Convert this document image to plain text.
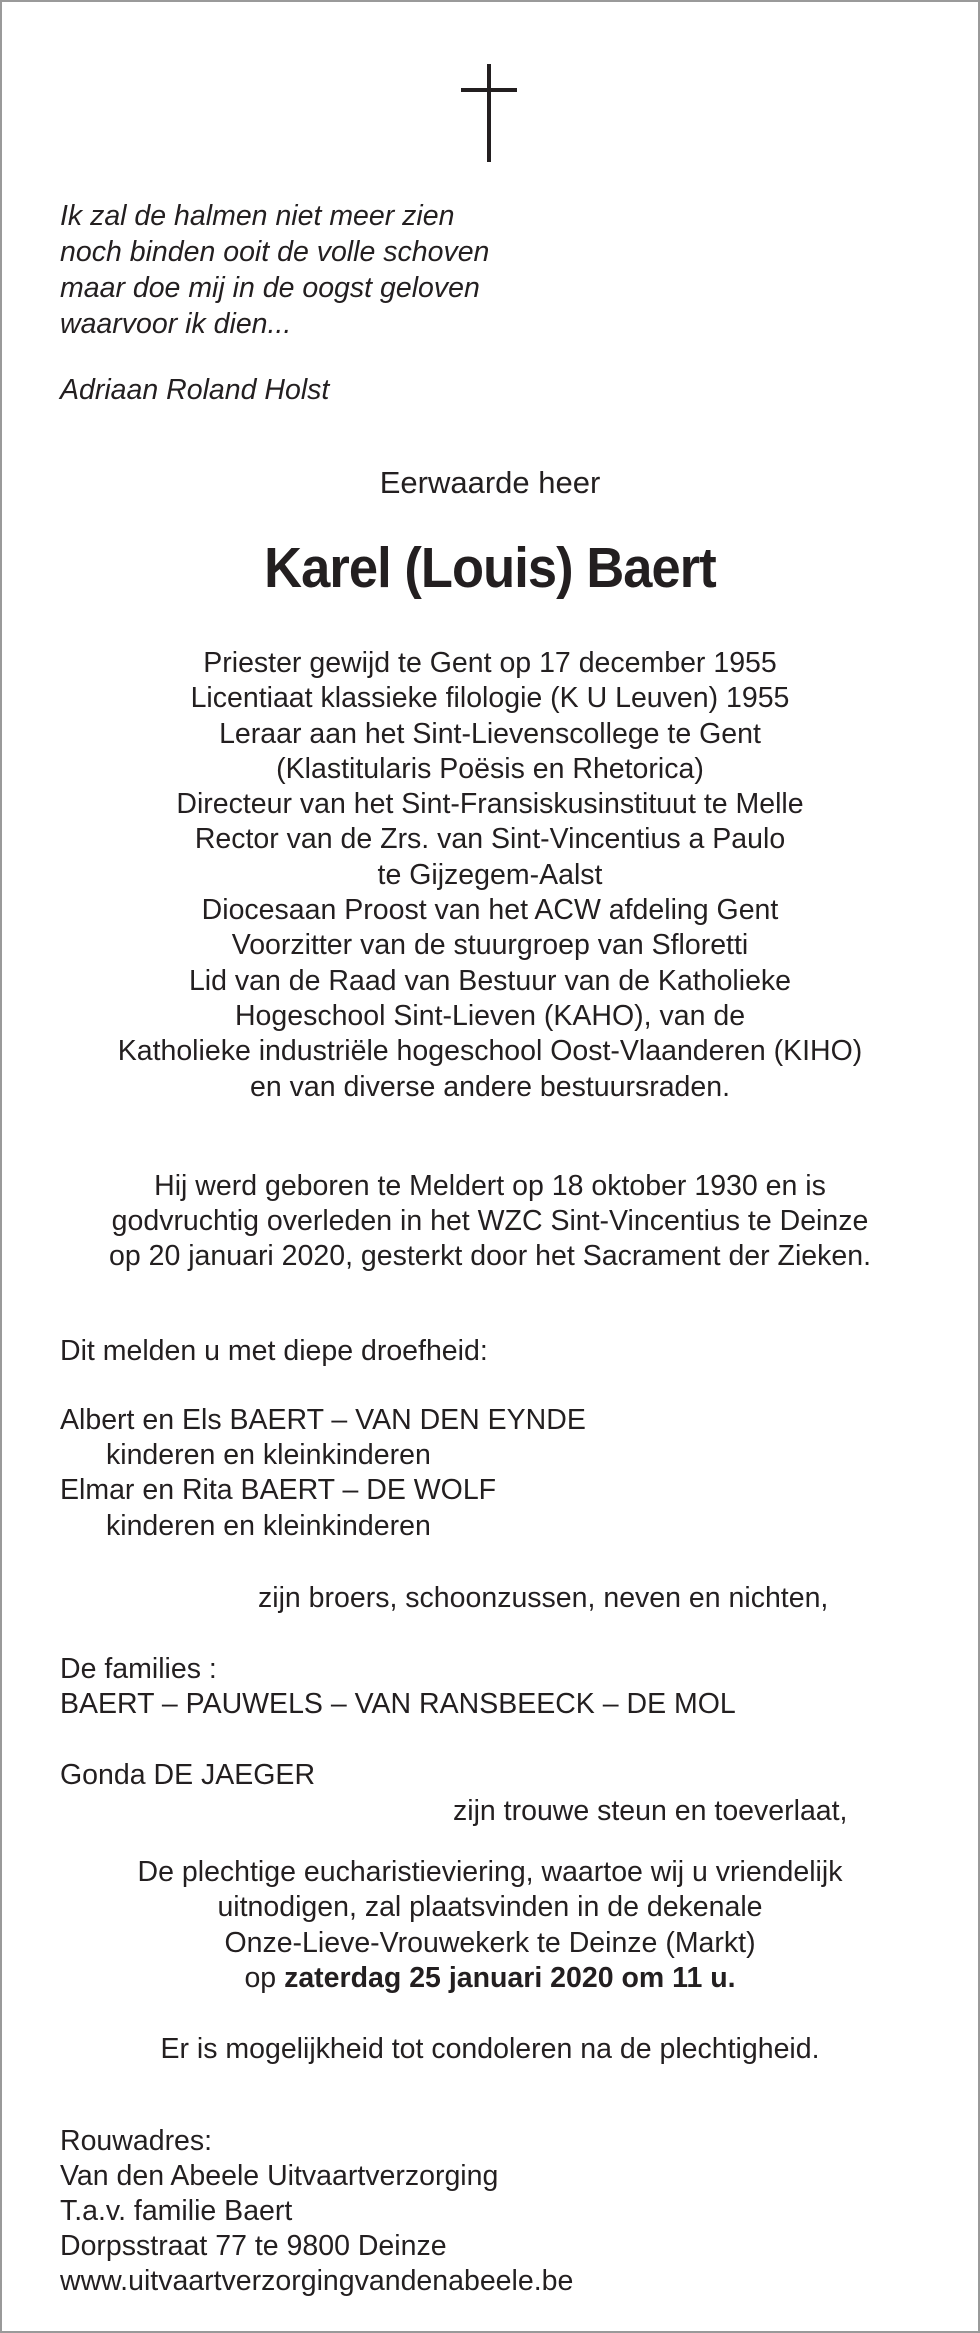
Ik zal de halmen niet meer zien
noch binden ooit de volle schoven
maar doe mij in de oogst geloven
waarvoor ik dien...
Adriaan Roland Holst
Eerwaarde heer
Karel (Louis) Baert
Priester gewijd te Gent op 17 december 1955
Licentiaat klassieke filologie (K U Leuven) 1955
Leraar aan het Sint-Lievenscollege te Gent
(Klastitularis Poësis en Rhetorica)
Directeur van het Sint-Fransiskusinstituut te Melle
Rector van de Zrs. van Sint-Vincentius a Paulo
te Gijzegem-Aalst
Diocesaan Proost van het ACW afdeling Gent
Voorzitter van de stuurgroep van Sfloretti
Lid van de Raad van Bestuur van de Katholieke
Hogeschool Sint-Lieven (KAHO), van de
Katholieke industriële hogeschool Oost-Vlaanderen (KIHO)
en van diverse andere bestuursraden.
Hij werd geboren te Meldert op 18 oktober 1930 en is
godvruchtig overleden in het WZC Sint-Vincentius te Deinze
op 20 januari 2020, gesterkt door het Sacrament der Zieken.
Dit melden u met diepe droefheid:
Albert en Els BAERT – VAN DEN EYNDE
kinderen en kleinkinderen
Elmar en Rita BAERT – DE WOLF
kinderen en kleinkinderen
zijn broers, schoonzussen, neven en nichten,
De families :
BAERT – PAUWELS – VAN RANSBEECK – DE MOL
Gonda DE JAEGER
zijn trouwe steun en toeverlaat,
De plechtige eucharistieviering, waartoe wij u vriendelijk
uitnodigen, zal plaatsvinden in de dekenale
Onze-Lieve-Vrouwekerk te Deinze (Markt)
op zaterdag 25 januari 2020 om 11 u.
Er is mogelijkheid tot condoleren na de plechtigheid.
Rouwadres:
Van den Abeele Uitvaartverzorging
T.a.v. familie Baert
Dorpsstraat 77 te 9800 Deinze
www.uitvaartverzorgingvandenabeele.be
